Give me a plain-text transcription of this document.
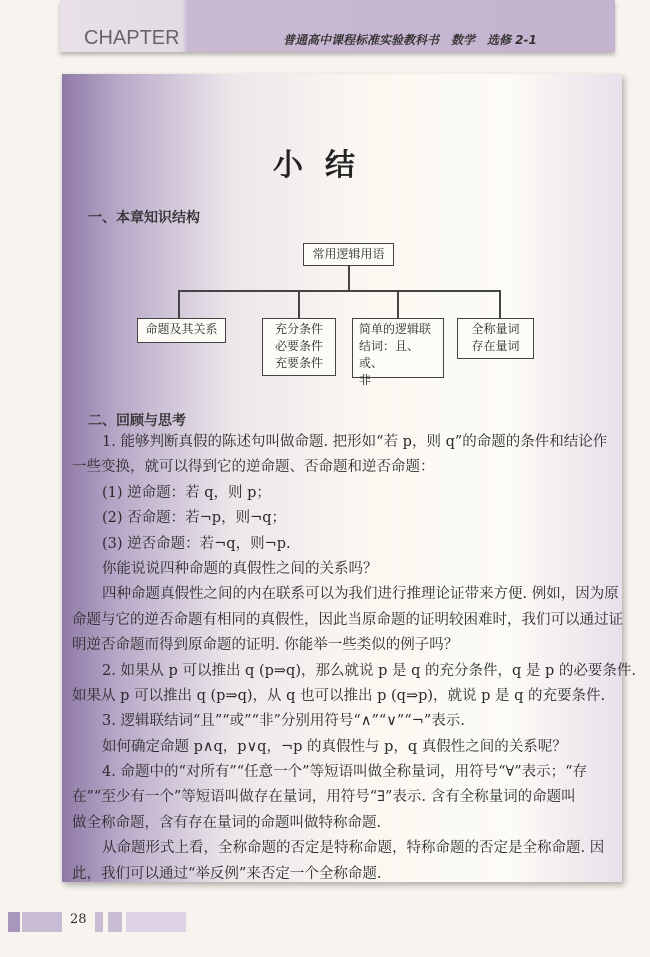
CHAPTER	普通高中课程标准实验教科书　数学　选修 2-1
小结
一、本章知识结构
常用逻辑用语
命题及其关系	充分条件
必要条件
充要条件
简单的逻辑联
结词：且、或、
非
全称量词
存在量词
二、回顾与思考
1. 能够判断真假的陈述句叫做命题. 把形如“若 p，则 q”的命题的条件和结论作
一些变换，就可以得到它的逆命题、否命题和逆否命题：
(1) 逆命题：若 q，则 p；
(2) 否命题：若¬p，则¬q；
(3) 逆否命题：若¬q，则¬p.
你能说说四种命题的真假性之间的关系吗？
四种命题真假性之间的内在联系可以为我们进行推理论证带来方便. 例如，因为原
命题与它的逆否命题有相同的真假性，因此当原命题的证明较困难时，我们可以通过证
明逆否命题而得到原命题的证明. 你能举一些类似的例子吗？
2. 如果从 p 可以推出 q (p⇒q)，那么就说 p 是 q 的充分条件，q 是 p 的必要条件.
如果从 p 可以推出 q (p⇒q)，从 q 也可以推出 p (q⇒p)，就说 p 是 q 的充要条件.
3. 逻辑联结词“且”“或”“非”分别用符号“∧”“∨”“¬”表示.
如何确定命题 p∧q，p∨q，¬p 的真假性与 p，q 真假性之间的关系呢？
4. 命题中的“对所有”“任意一个”等短语叫做全称量词，用符号“∀”表示；“存
在”“至少有一个”等短语叫做存在量词，用符号“∃”表示. 含有全称量词的命题叫
做全称命题，含有存在量词的命题叫做特称命题.
从命题形式上看，全称命题的否定是特称命题，特称命题的否定是全称命题. 因
此，我们可以通过“举反例”来否定一个全称命题.
28
